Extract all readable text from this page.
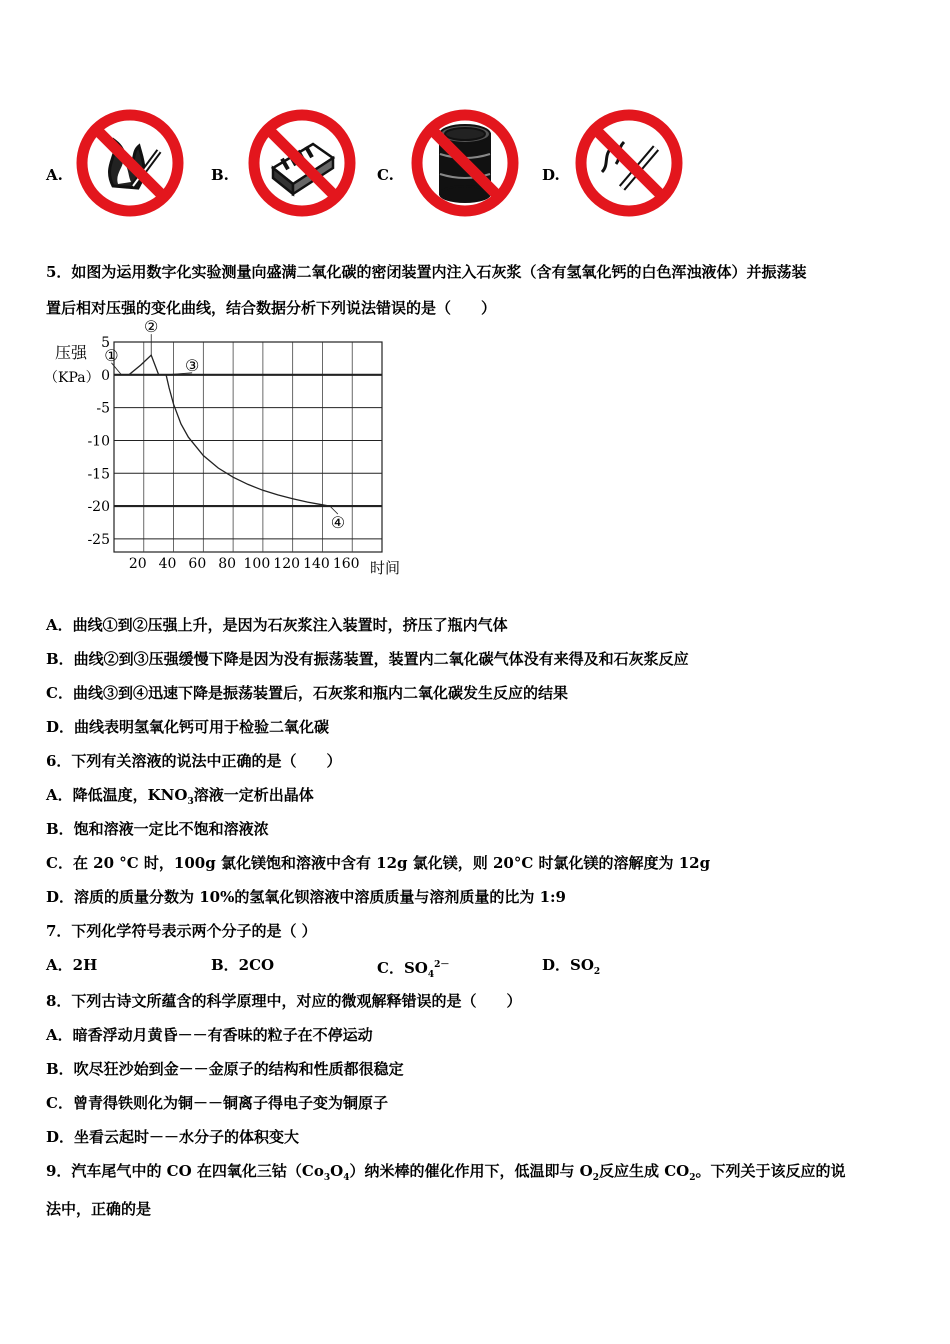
A.	B.	C.	D.
5．如图为运用数字化实验测量向盛满二氧化碳的密闭装置内注入石灰浆（含有氢氧化钙的白色浑浊液体）并振荡装
置后相对压强的变化曲线，结合数据分析下列说法错误的是（　　）
压强
（KPa）
时间
5
0
-5
-10
-15
-20
-25
20 40 60 80 100 120 140 160
①
②
③
④
A．曲线①到②压强上升，是因为石灰浆注入装置时，挤压了瓶内气体
B．曲线②到③压强缓慢下降是因为没有振荡装置，装置内二氧化碳气体没有来得及和石灰浆反应
C．曲线③到④迅速下降是振荡装置后，石灰浆和瓶内二氧化碳发生反应的结果
D．曲线表明氢氧化钙可用于检验二氧化碳
6．下列有关溶液的说法中正确的是（　　）
A．降低温度，$KNO_3$溶液一定析出晶体
B．饱和溶液一定比不饱和溶液浓
C．在 20 °C 时，100g 氯化镁饱和溶液中含有 12g 氯化镁，则 20°C 时氯化镁的溶解度为 12g
D．溶质的质量分数为 10%的氢氧化钡溶液中溶质质量与溶剂质量的比为 1:9
7．下列化学符号表示两个分子的是（ ）
A．2H	B．2CO	C．$SO_4^{2-}$	D．$SO_2$
8．下列古诗文所蕴含的科学原理中，对应的微观解释错误的是（　　）
A．暗香浮动月黄昏－－有香味的粒子在不停运动
B．吹尽狂沙始到金－－金原子的结构和性质都很稳定
C．曾青得铁则化为铜－－铜离子得电子变为铜原子
D．坐看云起时－－水分子的体积变大
9．汽车尾气中的 CO 在四氧化三钴$(Co_3O_4)$纳米棒的催化作用下，低温即与 $O_2$反应生成 $CO_2$。下列关于该反应的说
法中，正确的是
